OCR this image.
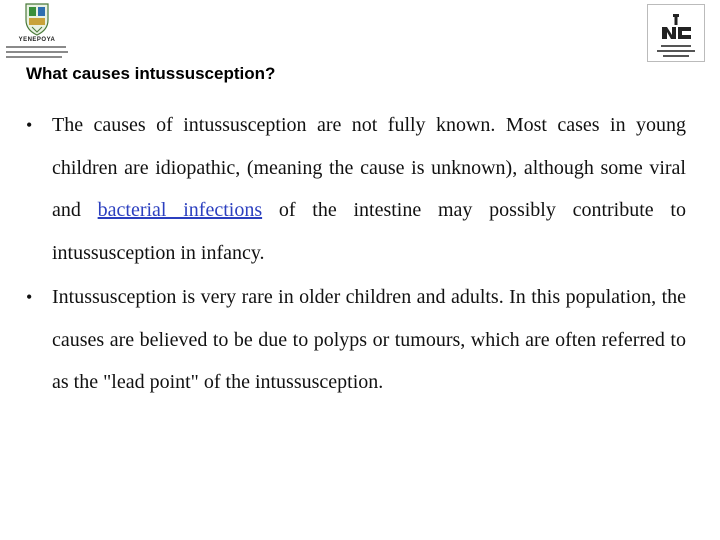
YENEPOYA
What causes intussusception?
• The causes of intussusception are not fully known. Most cases in young children are idiopathic, (meaning the cause is unknown), although some viral and bacterial infections of the intestine may possibly contribute to intussusception in infancy.
• Intussusception is very rare in older children and adults. In this population, the causes are believed to be due to polyps or tumours, which are often referred to as the "lead point" of the intussusception.
